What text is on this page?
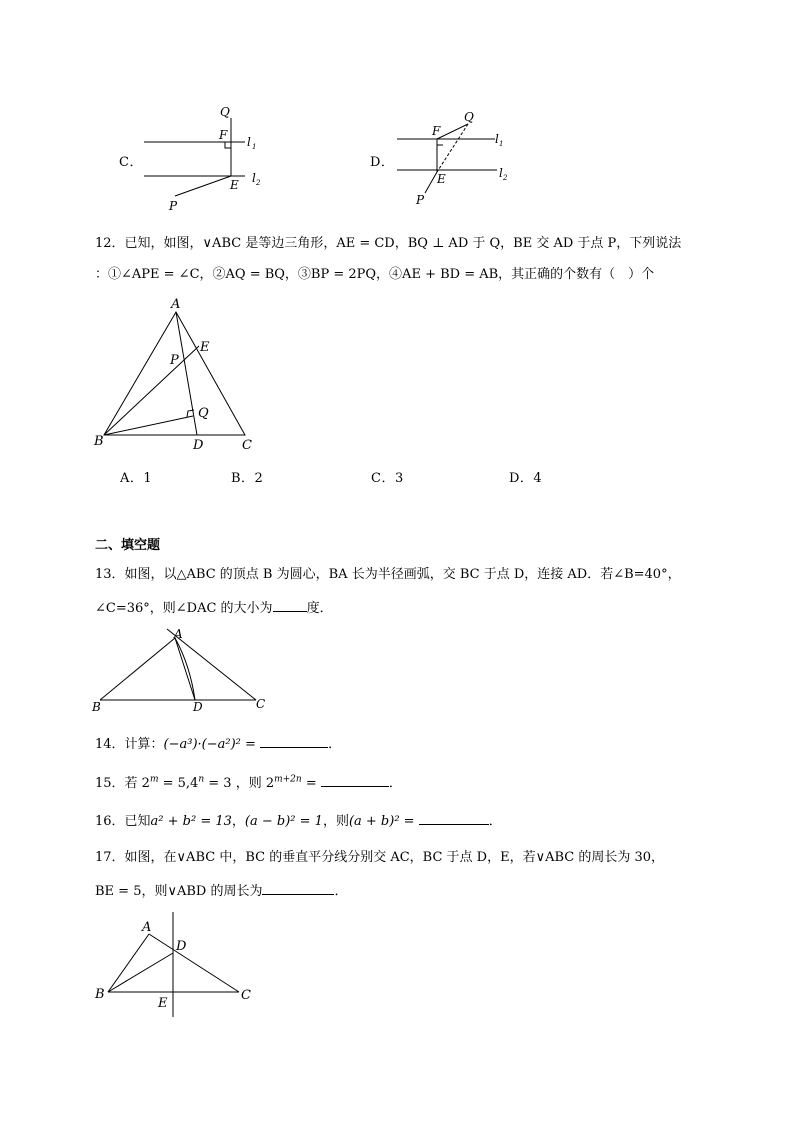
C．
Q
F
E
P
l 1
l 2
D．
Q
F
E
P
l 1
l 2
12．已知，如图，∨ABC 是等边三角形，AE = CD，BQ ⊥ AD 于 Q，BE 交 AD 于点 P，下列说法
：①∠APE = ∠C，②AQ = BQ，③BP = 2PQ，④AE + BD = AB，其正确的个数有（　）个
A
B	C
D
E
P
Q
A．1	B．2	C．3	D．4
二、填空题
13．如图，以△ABC 的顶点 B 为圆心，BA 长为半径画弧，交 BC 于点 D，连接 AD．若∠B=40°，
∠C=36°，则∠DAC 的大小为	度．
A
B	C
D
14．计算：(−a³)·(−a²)² =	．
15．若 $2^m = 5,4^n = 3$ ，则 $2^{m+2n}$ =	．
16．已知a² + b² = 13，(a − b)² = 1，则(a + b)² =	．
17．如图，在∨ABC 中，BC 的垂直平分线分别交 AC，BC 于点 D，E，若∨ABC 的周长为 30，
BE = 5，则∨ABD 的周长为	．
A
B	C
D
E
